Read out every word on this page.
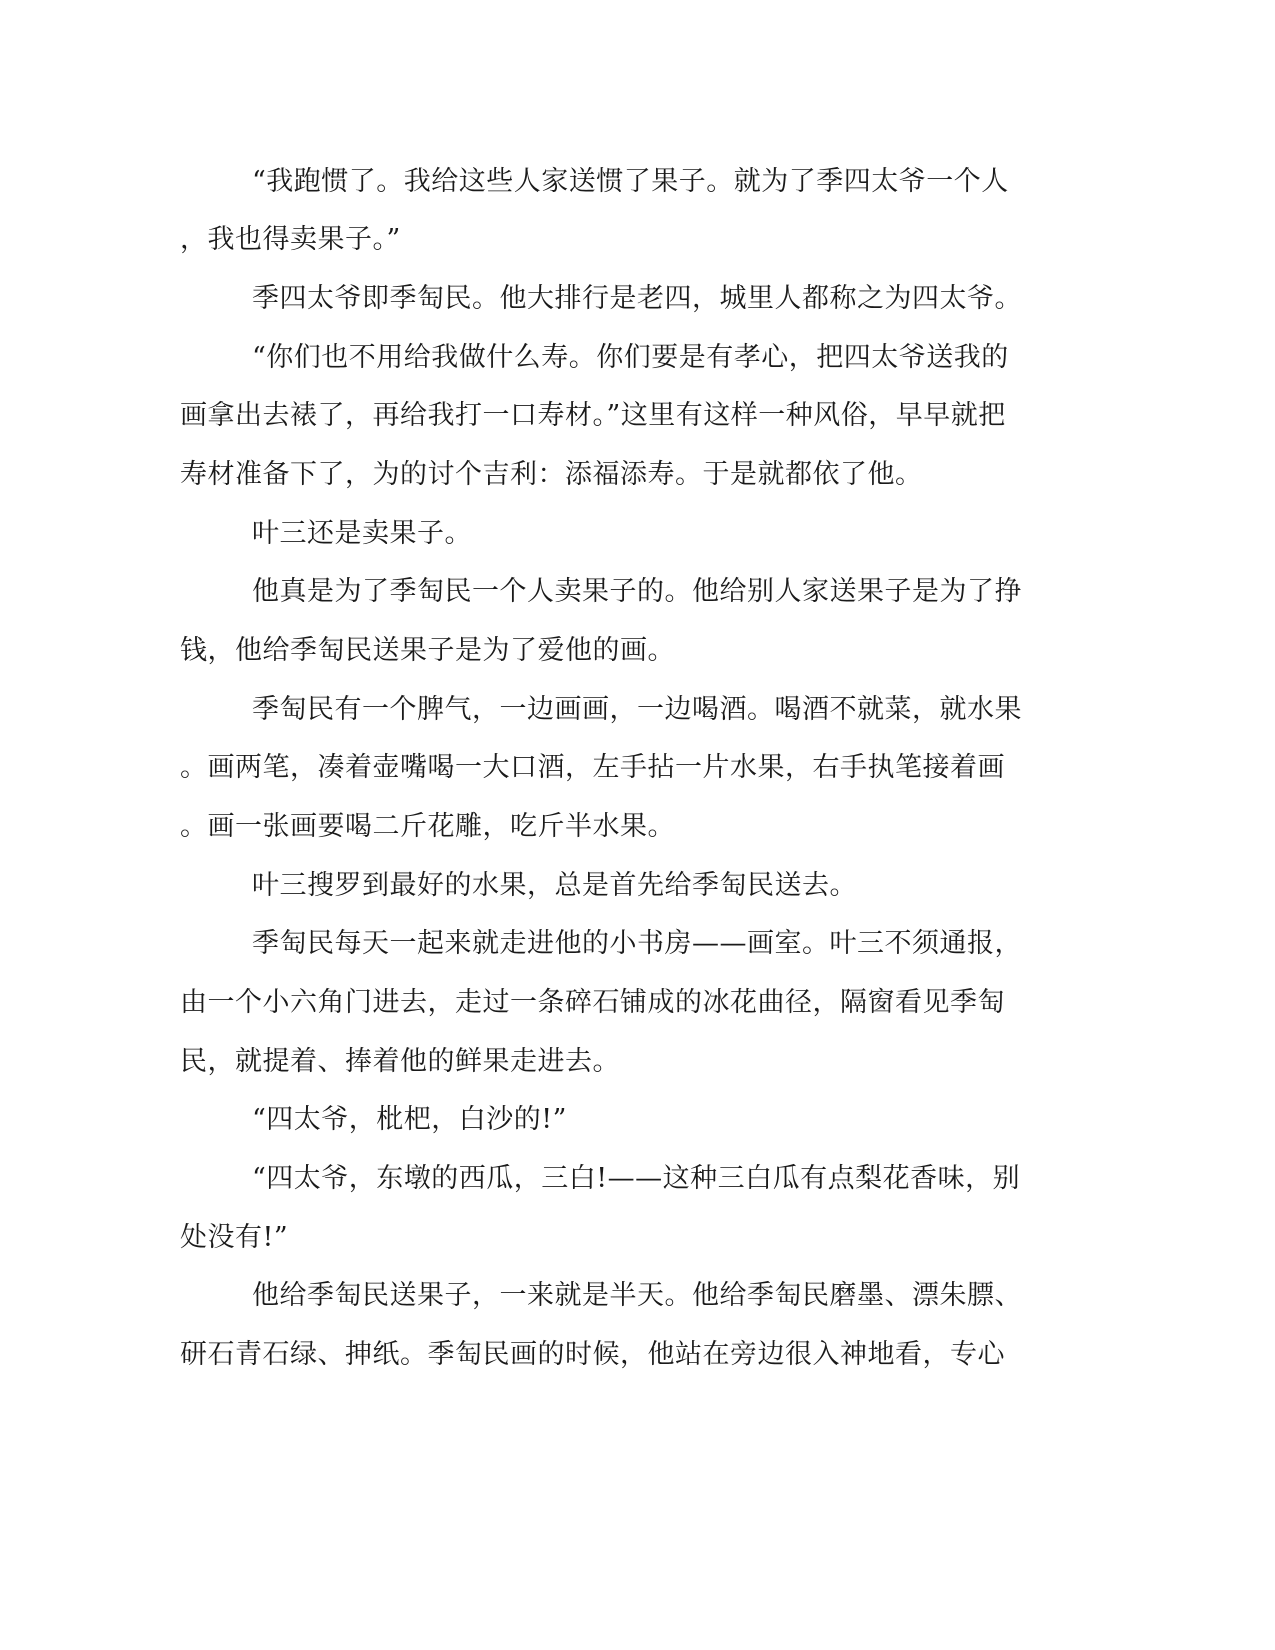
“我跑惯了。我给这些人家送惯了果子。就为了季四太爷一个人
，我也得卖果子。”
季四太爷即季匋民。他大排行是老四，城里人都称之为四太爷。
“你们也不用给我做什么寿。你们要是有孝心，把四太爷送我的
画拿出去裱了，再给我打一口寿材。”这里有这样一种风俗，早早就把
寿材准备下了，为的讨个吉利：添福添寿。于是就都依了他。
叶三还是卖果子。
他真是为了季匋民一个人卖果子的。他给别人家送果子是为了挣
钱，他给季匋民送果子是为了爱他的画。
季匋民有一个脾气，一边画画，一边喝酒。喝酒不就菜，就水果
。画两笔，凑着壶嘴喝一大口酒，左手拈一片水果，右手执笔接着画
。画一张画要喝二斤花雕，吃斤半水果。
叶三搜罗到最好的水果，总是首先给季匋民送去。
季匋民每天一起来就走进他的小书房——画室。叶三不须通报，
由一个小六角门进去，走过一条碎石铺成的冰花曲径，隔窗看见季匋
民，就提着、捧着他的鲜果走进去。
“四太爷，枇杷，白沙的!”
“四太爷，东墩的西瓜，三白!——这种三白瓜有点梨花香味，别
处没有!”
他给季匋民送果子，一来就是半天。他给季匋民磨墨、漂朱膘、
研石青石绿、抻纸。季匋民画的时候，他站在旁边很入神地看，专心
